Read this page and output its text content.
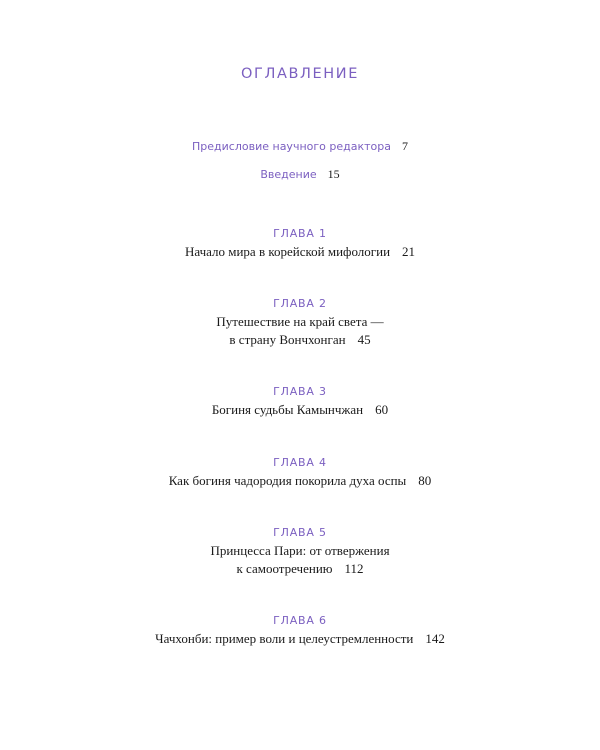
ОГЛАВЛЕНИЕ
Предисловие научного редактора 7
Введение 15
ГЛАВА 1
Начало мира в корейской мифологии 21
ГЛАВА 2
Путешествие на край света —
в страну Вончхонган 45
ГЛАВА 3
Богиня судьбы Камынчжан 60
ГЛАВА 4
Как богиня чадородия покорила духа оспы 80
ГЛАВА 5
Принцесса Пари: от отвержения
к самоотречению 112
ГЛАВА 6
Чачхонби: пример воли и целеустремленности 142
